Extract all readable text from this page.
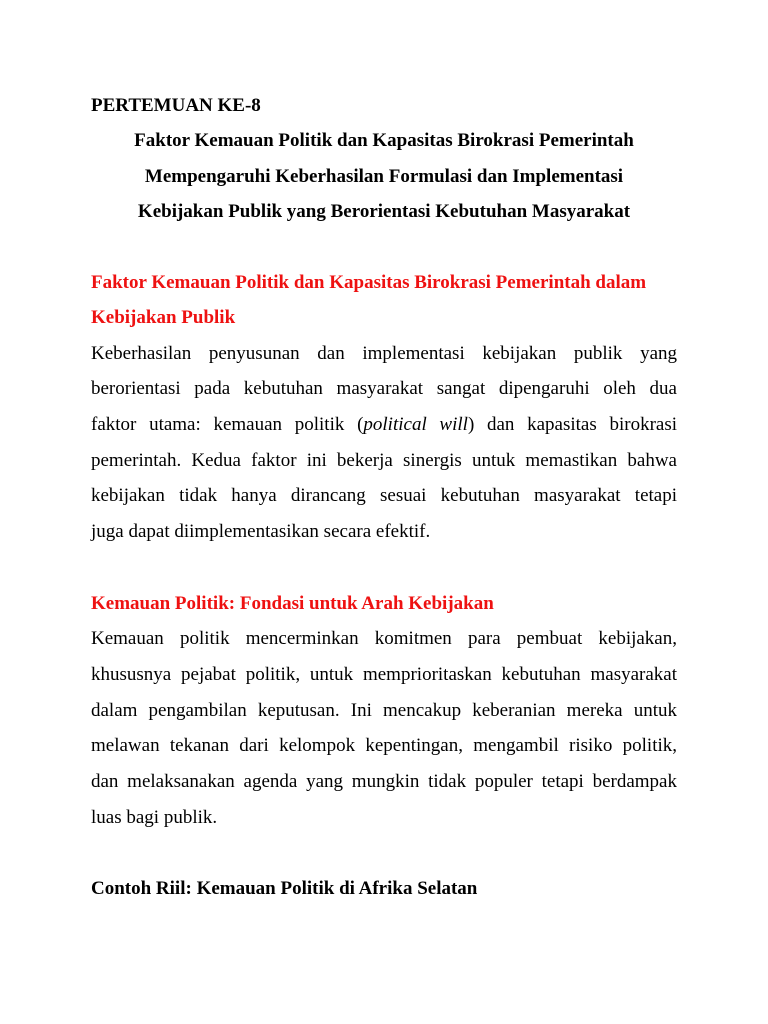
PERTEMUAN KE-8

Faktor Kemauan Politik dan Kapasitas Birokrasi Pemerintah
Mempengaruhi Keberhasilan Formulasi dan Implementasi
Kebijakan Publik yang Berorientasi Kebutuhan Masyarakat
Faktor Kemauan Politik dan Kapasitas Birokrasi Pemerintah dalam
Kebijakan Publik
Keberhasilan penyusunan dan implementasi kebijakan publik yang
berorientasi pada kebutuhan masyarakat sangat dipengaruhi oleh dua
faktor utama: kemauan politik (political will) dan kapasitas birokrasi
pemerintah. Kedua faktor ini bekerja sinergis untuk memastikan bahwa
kebijakan tidak hanya dirancang sesuai kebutuhan masyarakat tetapi
juga dapat diimplementasikan secara efektif.
Kemauan Politik: Fondasi untuk Arah Kebijakan
Kemauan politik mencerminkan komitmen para pembuat kebijakan,
khususnya pejabat politik, untuk memprioritaskan kebutuhan masyarakat
dalam pengambilan keputusan. Ini mencakup keberanian mereka untuk
melawan tekanan dari kelompok kepentingan, mengambil risiko politik,
dan melaksanakan agenda yang mungkin tidak populer tetapi berdampak
luas bagi publik.
Contoh Riil: Kemauan Politik di Afrika Selatan
